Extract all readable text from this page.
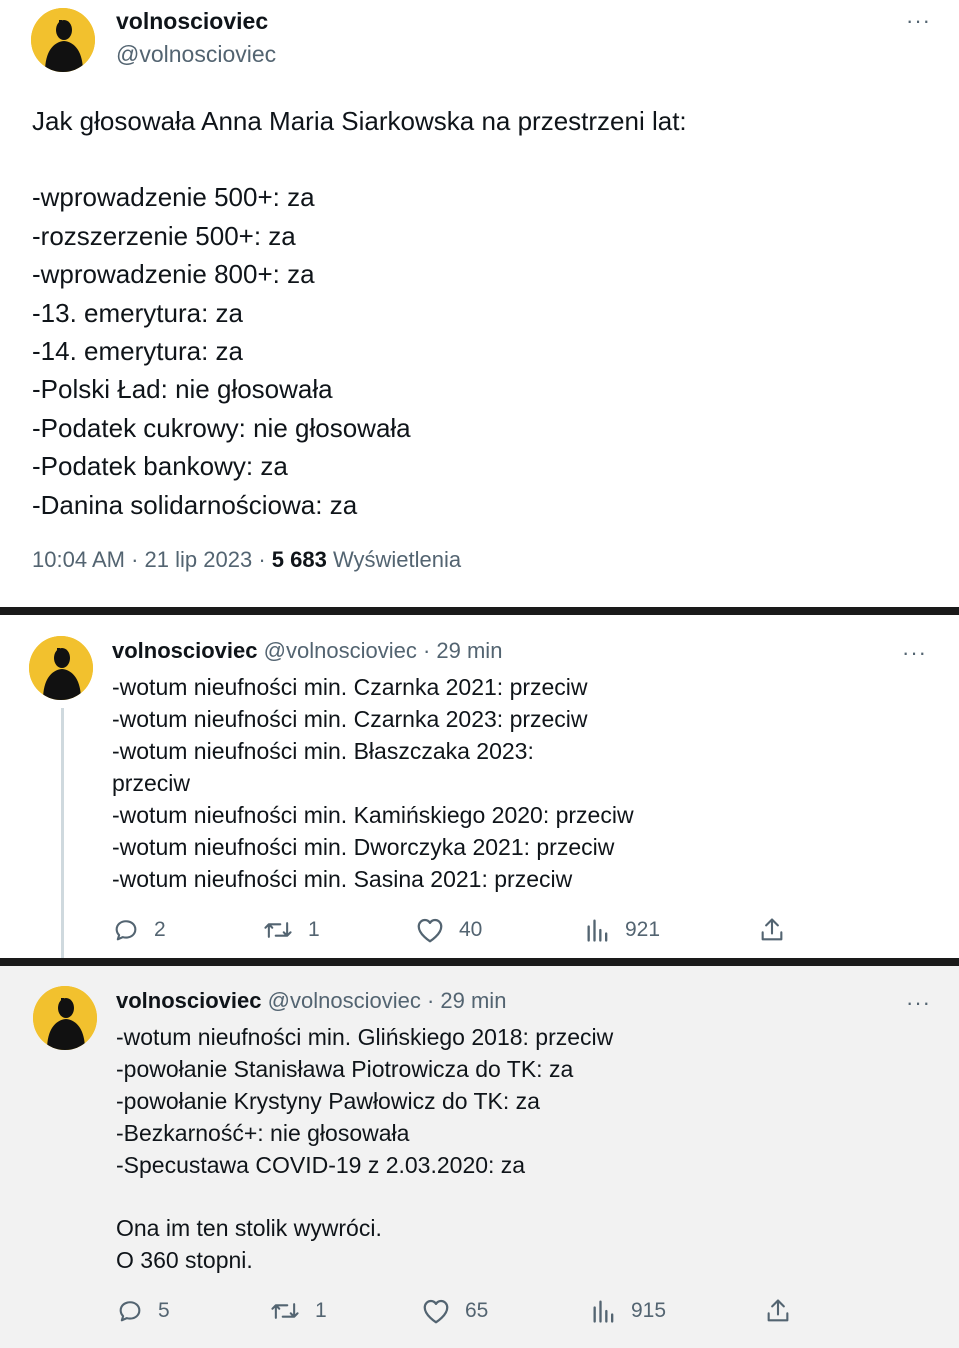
volnoscioviec
@volnoscioviec
···
Jak głosowała Anna Maria Siarkowska na przestrzeni lat:
-wprowadzenie 500+: za
-rozszerzenie 500+: za
-wprowadzenie 800+: za
-13. emerytura: za
-14. emerytura: za
-Polski Ład: nie głosowała
-Podatek cukrowy: nie głosowała
-Podatek bankowy: za
-Danina solidarnościowa: za
10:04 AM · 21 lip 2023 · 5 683 Wyświetlenia
volnoscioviec @volnoscioviec · 29 min	···
-wotum nieufności min. Czarnka 2021: przeciw
-wotum nieufności min. Czarnka 2023: przeciw
-wotum nieufności min. Błaszczaka 2023:
przeciw
-wotum nieufności min. Kamińskiego 2020: przeciw
-wotum nieufności min. Dworczyka 2021: przeciw
-wotum nieufności min. Sasina 2021: przeciw
2	1	40	921
volnoscioviec @volnoscioviec · 29 min	···
-wotum nieufności min. Glińskiego 2018: przeciw
-powołanie Stanisława Piotrowicza do TK: za
-powołanie Krystyny Pawłowicz do TK: za
-Bezkarność+: nie głosowała
-Specustawa COVID-19 z 2.03.2020: za
Ona im ten stolik wywróci.
O 360 stopni.
5	1	65	915
